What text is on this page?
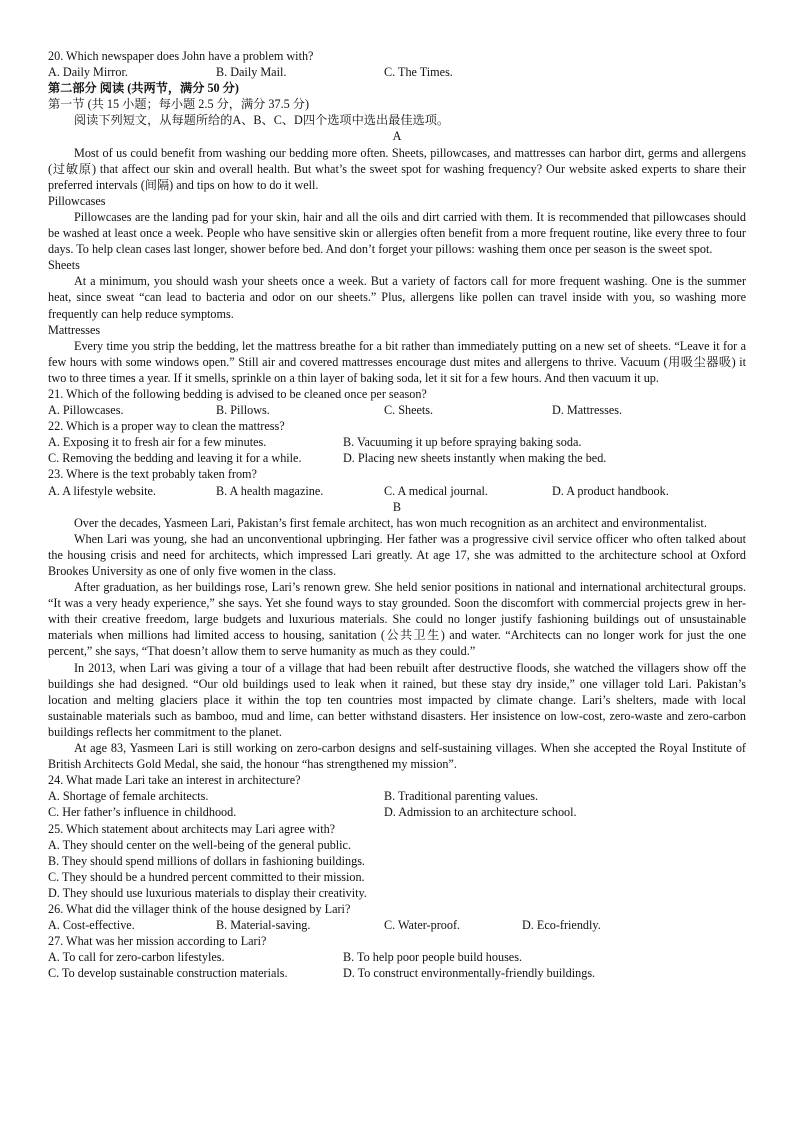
20. Which newspaper does John have a problem with?
A. Daily Mirror.	B. Daily Mail.	C. The Times.
第二部分 阅读 (共两节，满分 50 分)
第一节 (共 15 小题；每小题 2.5 分，满分 37.5 分)
阅读下列短文，从每题所给的A、B、C、D四个选项中选出最佳选项。
A
Most of us could benefit from washing our bedding more often. Sheets, pillowcases, and mattresses can harbor dirt, germs and allergens (过敏原) that affect our skin and overall health. But what’s the sweet spot for washing frequency? Our website asked experts to share their preferred intervals (间隔) and tips on how to do it well.
Pillowcases
Pillowcases are the landing pad for your skin, hair and all the oils and dirt carried with them. It is recommended that pillowcases should be washed at least once a week. People who have sensitive skin or allergies often benefit from a more frequent routine, like every three to four days. To help clean cases last longer, shower before bed. And don’t forget your pillows: washing them once per season is the sweet spot.
Sheets
At a minimum, you should wash your sheets once a week. But a variety of factors call for more frequent washing. One is the summer heat, since sweat “can lead to bacteria and odor on our sheets.” Plus, allergens like pollen can travel inside with you, so washing more frequently can help reduce symptoms.
Mattresses
Every time you strip the bedding, let the mattress breathe for a bit rather than immediately putting on a new set of sheets. “Leave it for a few hours with some windows open.” Still air and covered mattresses encourage dust mites and allergens to thrive. Vacuum (用吸尘器吸) it two to three times a year. If it smells, sprinkle on a thin layer of baking soda, let it sit for a few hours. And then vacuum it up.
21. Which of the following bedding is advised to be cleaned once per season?
A. Pillowcases.	B. Pillows.	C. Sheets.	D. Mattresses.
22. Which is a proper way to clean the mattress?
A. Exposing it to fresh air for a few minutes.	B. Vacuuming it up before spraying baking soda.
C. Removing the bedding and leaving it for a while.	D. Placing new sheets instantly when making the bed.
23. Where is the text probably taken from?
A. A lifestyle website.	B. A health magazine.	C. A medical journal.	D. A product handbook.
B
Over the decades, Yasmeen Lari, Pakistan’s first female architect, has won much recognition as an architect and environmentalist.
When Lari was young, she had an unconventional upbringing. Her father was a progressive civil service officer who often talked about the housing crisis and need for architects, which impressed Lari greatly. At age 17, she was admitted to the architecture school at Oxford Brookes University as one of only five women in the class.
After graduation, as her buildings rose, Lari’s renown grew. She held senior positions in national and international architectural groups. “It was a very heady experience,” she says. Yet she found ways to stay grounded. Soon the discomfort with commercial projects grew in her-with their creative freedom, large budgets and luxurious materials. She could no longer justify fashioning buildings out of unsustainable materials when millions had limited access to housing, sanitation (公共卫生) and water. “Architects can no longer work for just the one percent,” she says, “That doesn’t allow them to serve humanity as much as they could.”
In 2013, when Lari was giving a tour of a village that had been rebuilt after destructive floods, she watched the villagers show off the buildings she had designed. “Our old buildings used to leak when it rained, but these stay dry inside,” one villager told Lari. Pakistan’s location and melting glaciers place it within the top ten countries most impacted by climate change. Lari’s shelters, made with local sustainable materials such as bamboo, mud and lime, can better withstand disasters. Her insistence on low-cost, zero-waste and zero-carbon buildings reflects her commitment to the planet.
At age 83, Yasmeen Lari is still working on zero-carbon designs and self-sustaining villages. When she accepted the Royal Institute of British Architects Gold Medal, she said, the honour “has strengthened my mission”.
24. What made Lari take an interest in architecture?
A. Shortage of female architects.	B. Traditional parenting values.
C. Her father’s influence in childhood.	D. Admission to an architecture school.
25. Which statement about architects may Lari agree with?
A. They should center on the well-being of the general public.
B. They should spend millions of dollars in fashioning buildings.
C. They should be a hundred percent committed to their mission.
D. They should use luxurious materials to display their creativity.
26. What did the villager think of the house designed by Lari?
A. Cost-effective.	B. Material-saving.	C. Water-proof.	D. Eco-friendly.
27. What was her mission according to Lari?
A. To call for zero-carbon lifestyles.	B. To help poor people build houses.
C. To develop sustainable construction materials.	D. To construct environmentally-friendly buildings.
